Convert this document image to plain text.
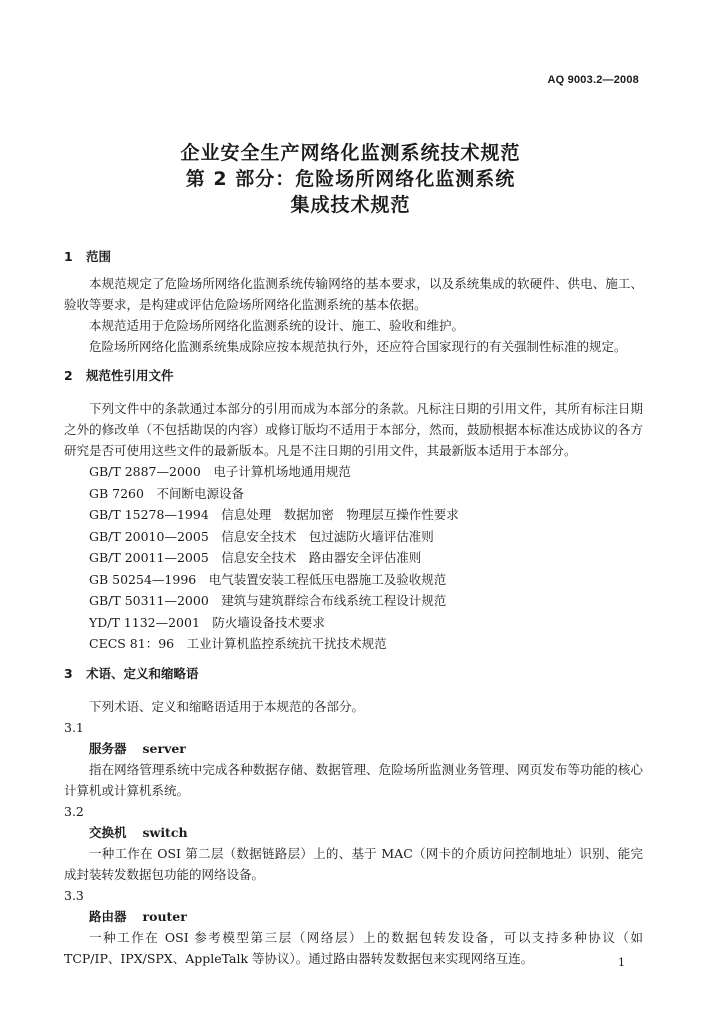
AQ 9003.2—2008
企业安全生产网络化监测系统技术规范
第 2 部分：危险场所网络化监测系统
集成技术规范
1 范围
本规范规定了危险场所网络化监测系统传输网络的基本要求，以及系统集成的软硬件、供电、施工、验收等要求，是构建或评估危险场所网络化监测系统的基本依据。
本规范适用于危险场所网络化监测系统的设计、施工、验收和维护。
危险场所网络化监测系统集成除应按本规范执行外，还应符合国家现行的有关强制性标准的规定。
2 规范性引用文件
下列文件中的条款通过本部分的引用而成为本部分的条款。凡标注日期的引用文件，其所有标注日期之外的修改单（不包括勘误的内容）或修订版均不适用于本部分，然而，鼓励根据本标准达成协议的各方研究是否可使用这些文件的最新版本。凡是不注日期的引用文件，其最新版本适用于本部分。
GB/T 2887—2000　电子计算机场地通用规范
GB 7260　不间断电源设备
GB/T 15278—1994　信息处理　数据加密　物理层互操作性要求
GB/T 20010—2005　信息安全技术　包过滤防火墙评估准则
GB/T 20011—2005　信息安全技术　路由器安全评估准则
GB 50254—1996　电气装置安装工程低压电器施工及验收规范
GB/T 50311—2000　建筑与建筑群综合布线系统工程设计规范
YD/T 1132—2001　防火墙设备技术要求
CECS 81：96　工业计算机监控系统抗干扰技术规范
3 术语、定义和缩略语
下列术语、定义和缩略语适用于本规范的各部分。
3.1
服务器 server
指在网络管理系统中完成各种数据存储、数据管理、危险场所监测业务管理、网页发布等功能的核心计算机或计算机系统。
3.2
交换机 switch
一种工作在 OSI 第二层（数据链路层）上的、基于 MAC（网卡的介质访问控制地址）识别、能完成封装转发数据包功能的网络设备。
3.3
路由器 router
一种工作在 OSI 参考模型第三层（网络层）上的数据包转发设备，可以支持多种协议（如 TCP/IP、IPX/SPX、AppleTalk 等协议）。通过路由器转发数据包来实现网络互连。	1
